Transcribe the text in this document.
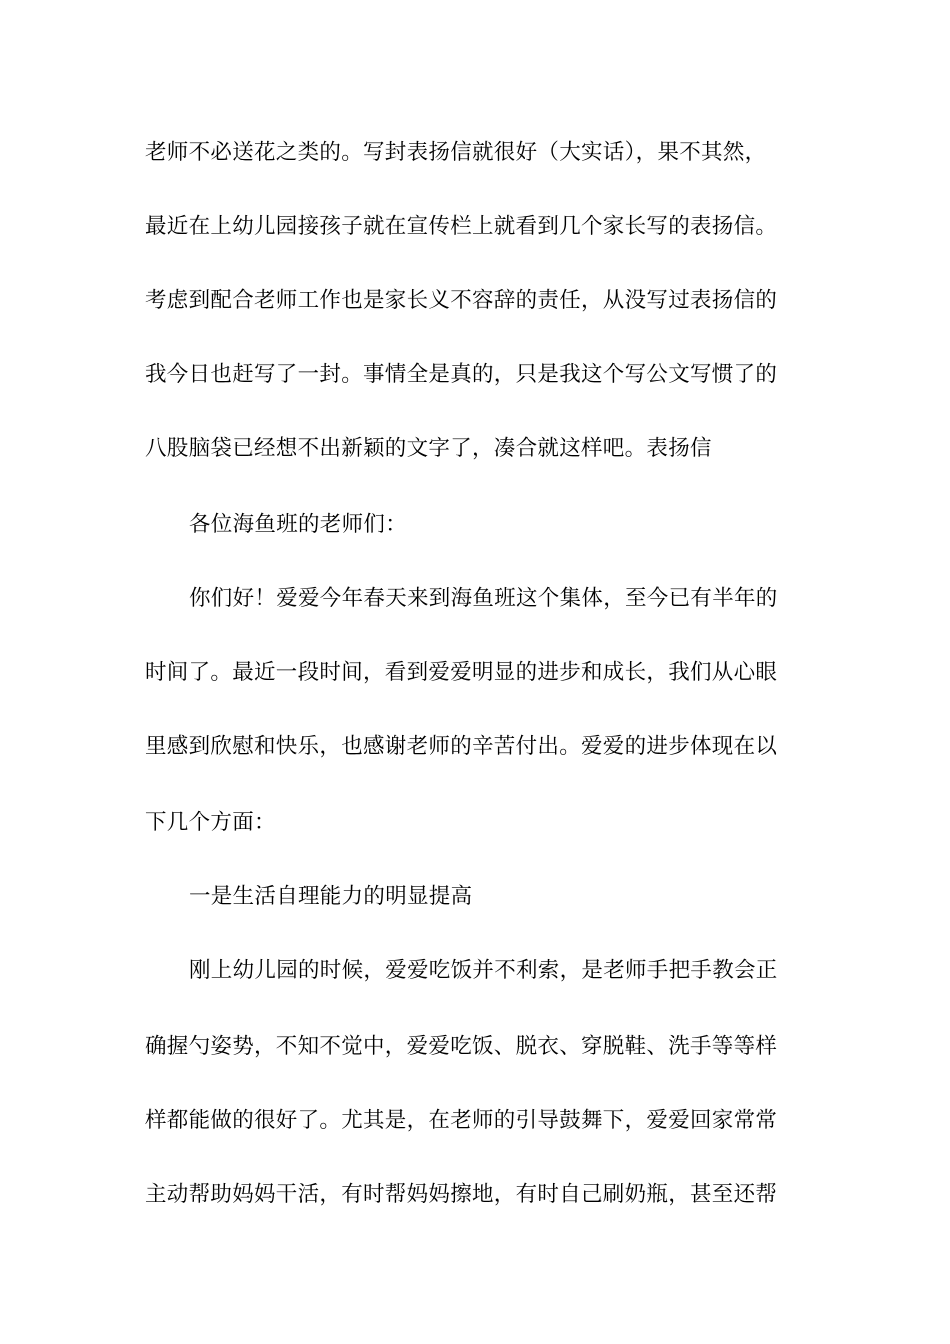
老师不必送花之类的。写封表扬信就很好（大实话），果不其然，
最近在上幼儿园接孩子就在宣传栏上就看到几个家长写的表扬信。
考虑到配合老师工作也是家长义不容辞的责任，从没写过表扬信的
我今日也赶写了一封。事情全是真的，只是我这个写公文写惯了的
八股脑袋已经想不出新颖的文字了，凑合就这样吧。表扬信
各位海鱼班的老师们：
你们好！爱爱今年春天来到海鱼班这个集体，至今已有半年的
时间了。最近一段时间，看到爱爱明显的进步和成长，我们从心眼
里感到欣慰和快乐，也感谢老师的辛苦付出。爱爱的进步体现在以
下几个方面：
一是生活自理能力的明显提高
刚上幼儿园的时候，爱爱吃饭并不利索，是老师手把手教会正
确握勺姿势，不知不觉中，爱爱吃饭、脱衣、穿脱鞋、洗手等等样
样都能做的很好了。尤其是，在老师的引导鼓舞下，爱爱回家常常
主动帮助妈妈干活，有时帮妈妈擦地，有时自己刷奶瓶，甚至还帮
